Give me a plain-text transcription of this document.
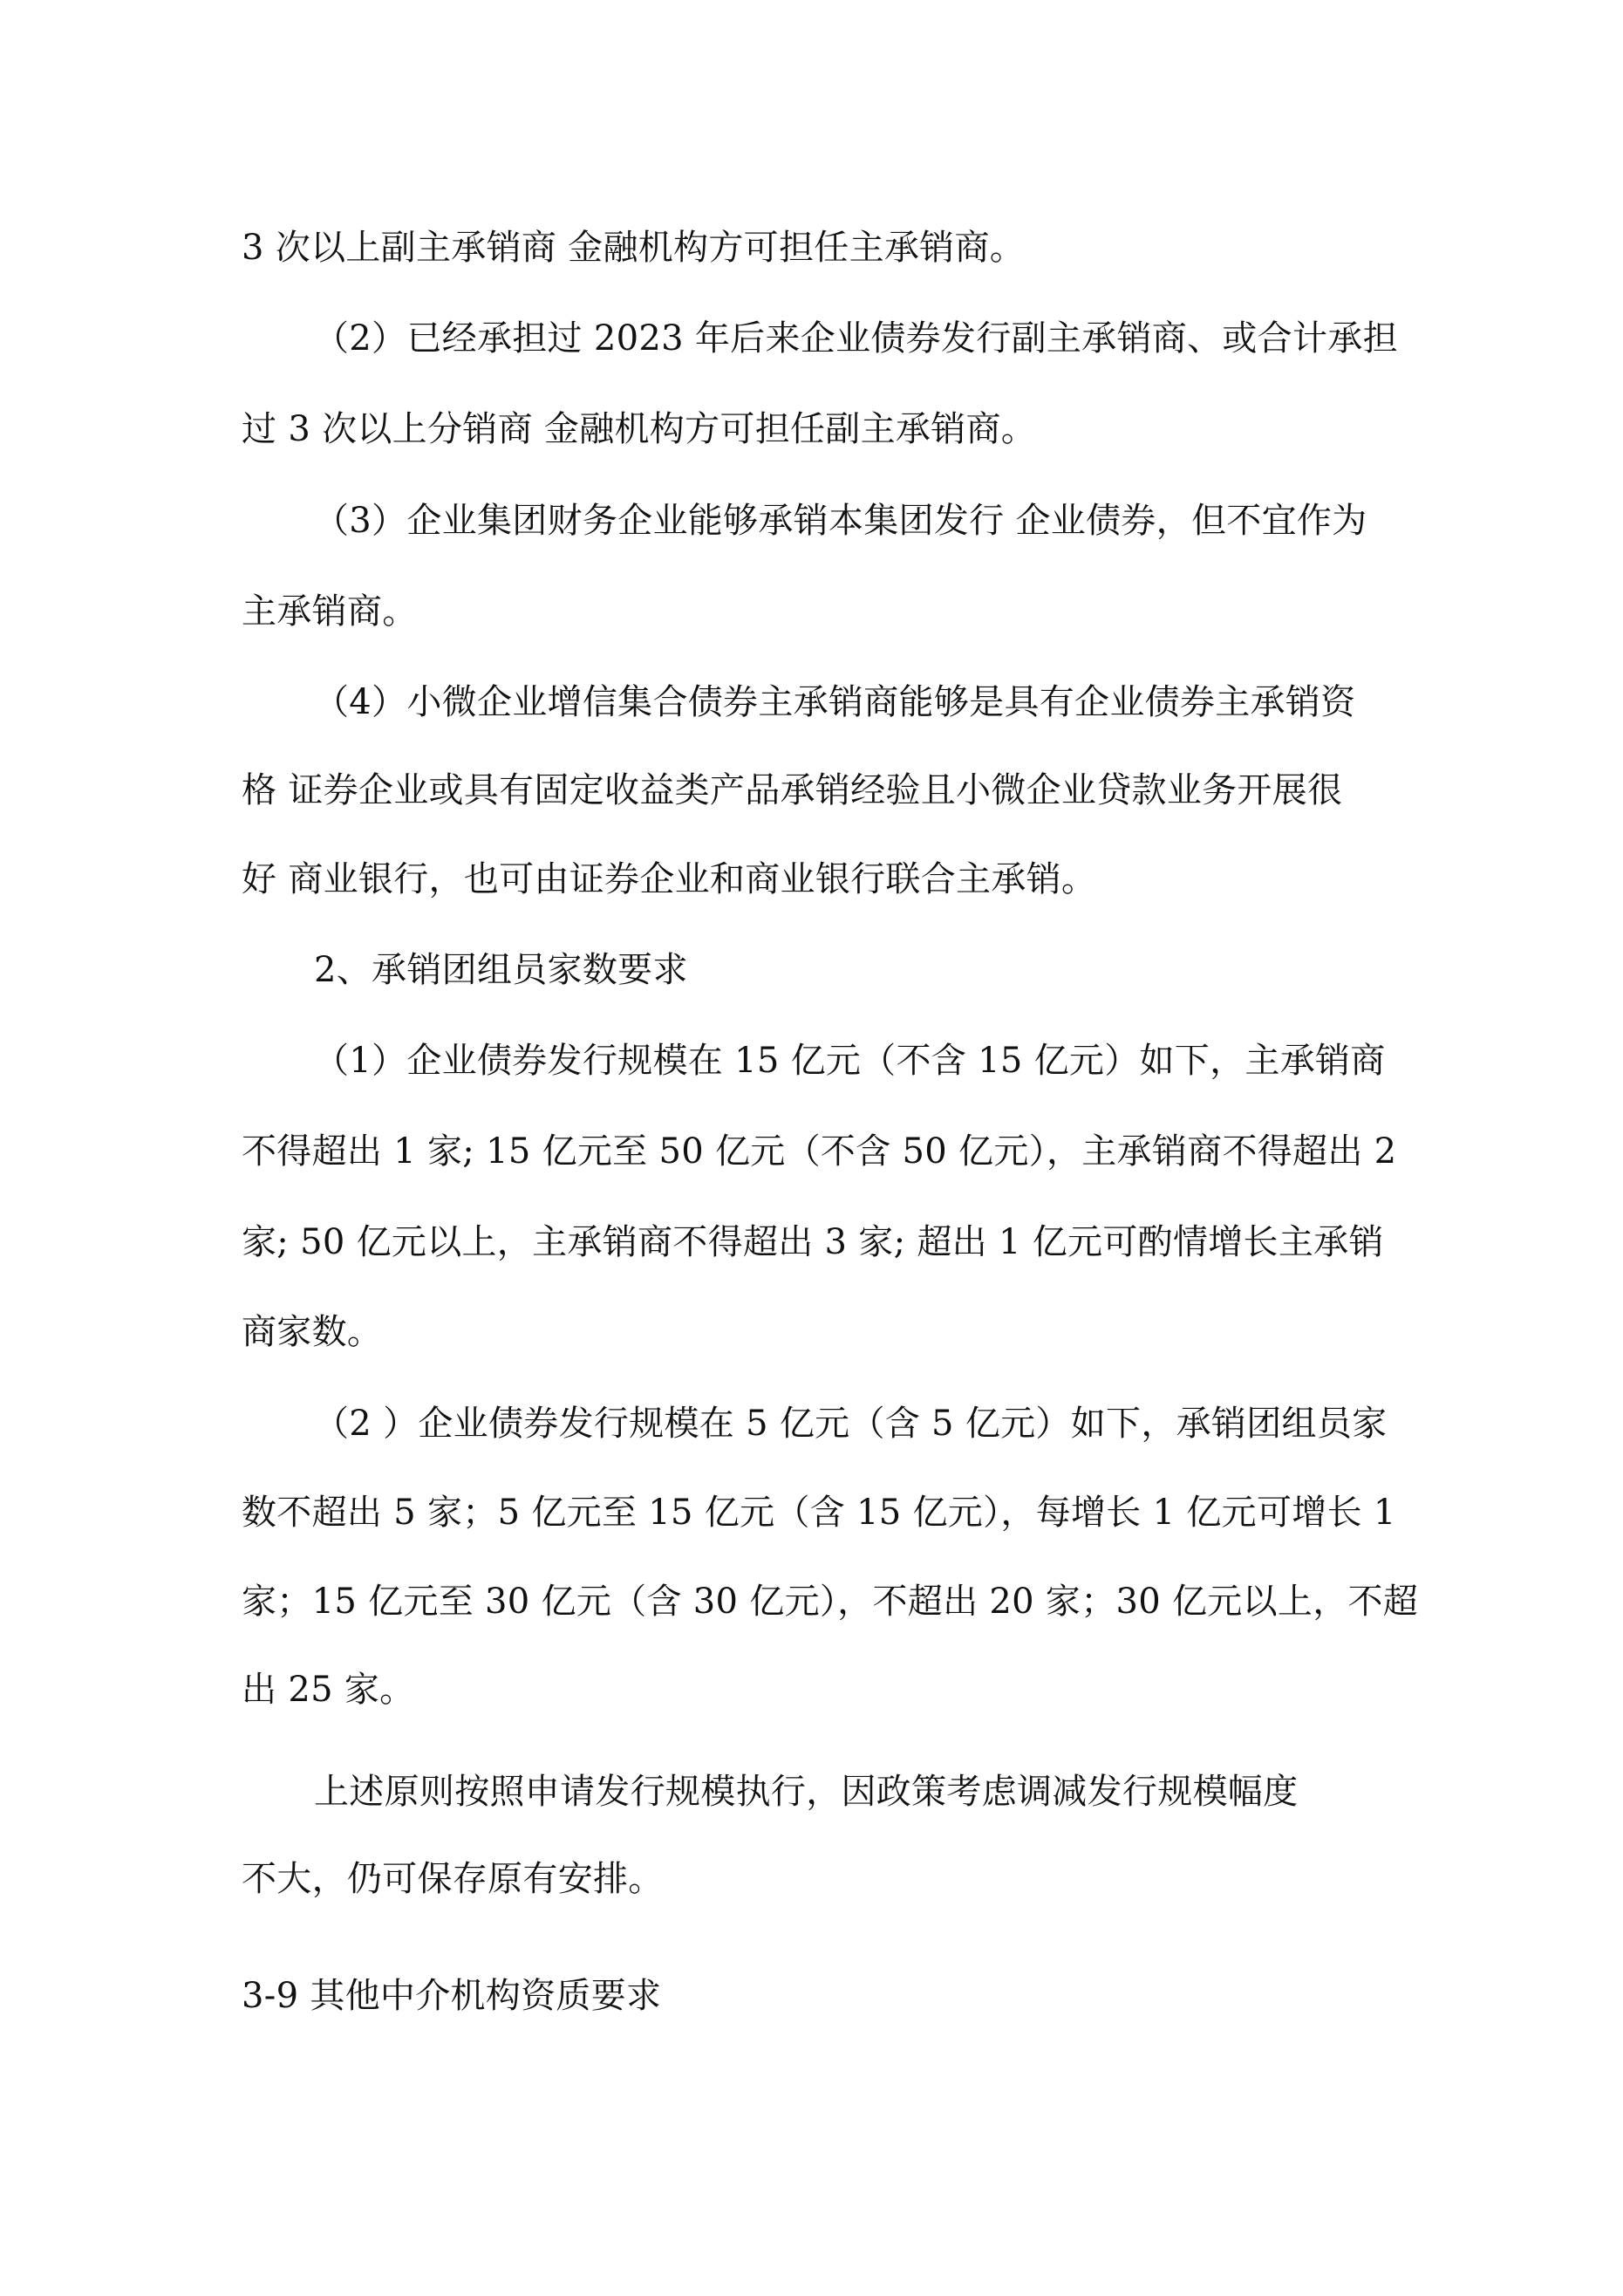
3 次以上副主承销商 金融机构方可担任主承销商。
（2）已经承担过 2023 年后来企业债券发行副主承销商、或合计承担
过 3 次以上分销商 金融机构方可担任副主承销商。
（3）企业集团财务企业能够承销本集团发行 企业债券，但不宜作为
主承销商。
（4）小微企业增信集合债券主承销商能够是具有企业债券主承销资
格 证券企业或具有固定收益类产品承销经验且小微企业贷款业务开展很
好 商业银行，也可由证券企业和商业银行联合主承销。
2、承销团组员家数要求
（1）企业债券发行规模在 15 亿元（不含 15 亿元）如下，主承销商
不得超出 1 家; 15 亿元至 50 亿元（不含 50 亿元），主承销商不得超出 2
家; 50 亿元以上，主承销商不得超出 3 家; 超出 1 亿元可酌情增长主承销
商家数。
（2 ）企业债券发行规模在 5 亿元（含 5 亿元）如下，承销团组员家
数不超出 5 家；5 亿元至 15 亿元（含 15 亿元），每增长 1 亿元可增长 1
家；15 亿元至 30 亿元（含 30 亿元），不超出 20 家；30 亿元以上，不超
出 25 家。
上述原则按照申请发行规模执行，因政策考虑调减发行规模幅度
不大，仍可保存原有安排。
3-9 其他中介机构资质要求
